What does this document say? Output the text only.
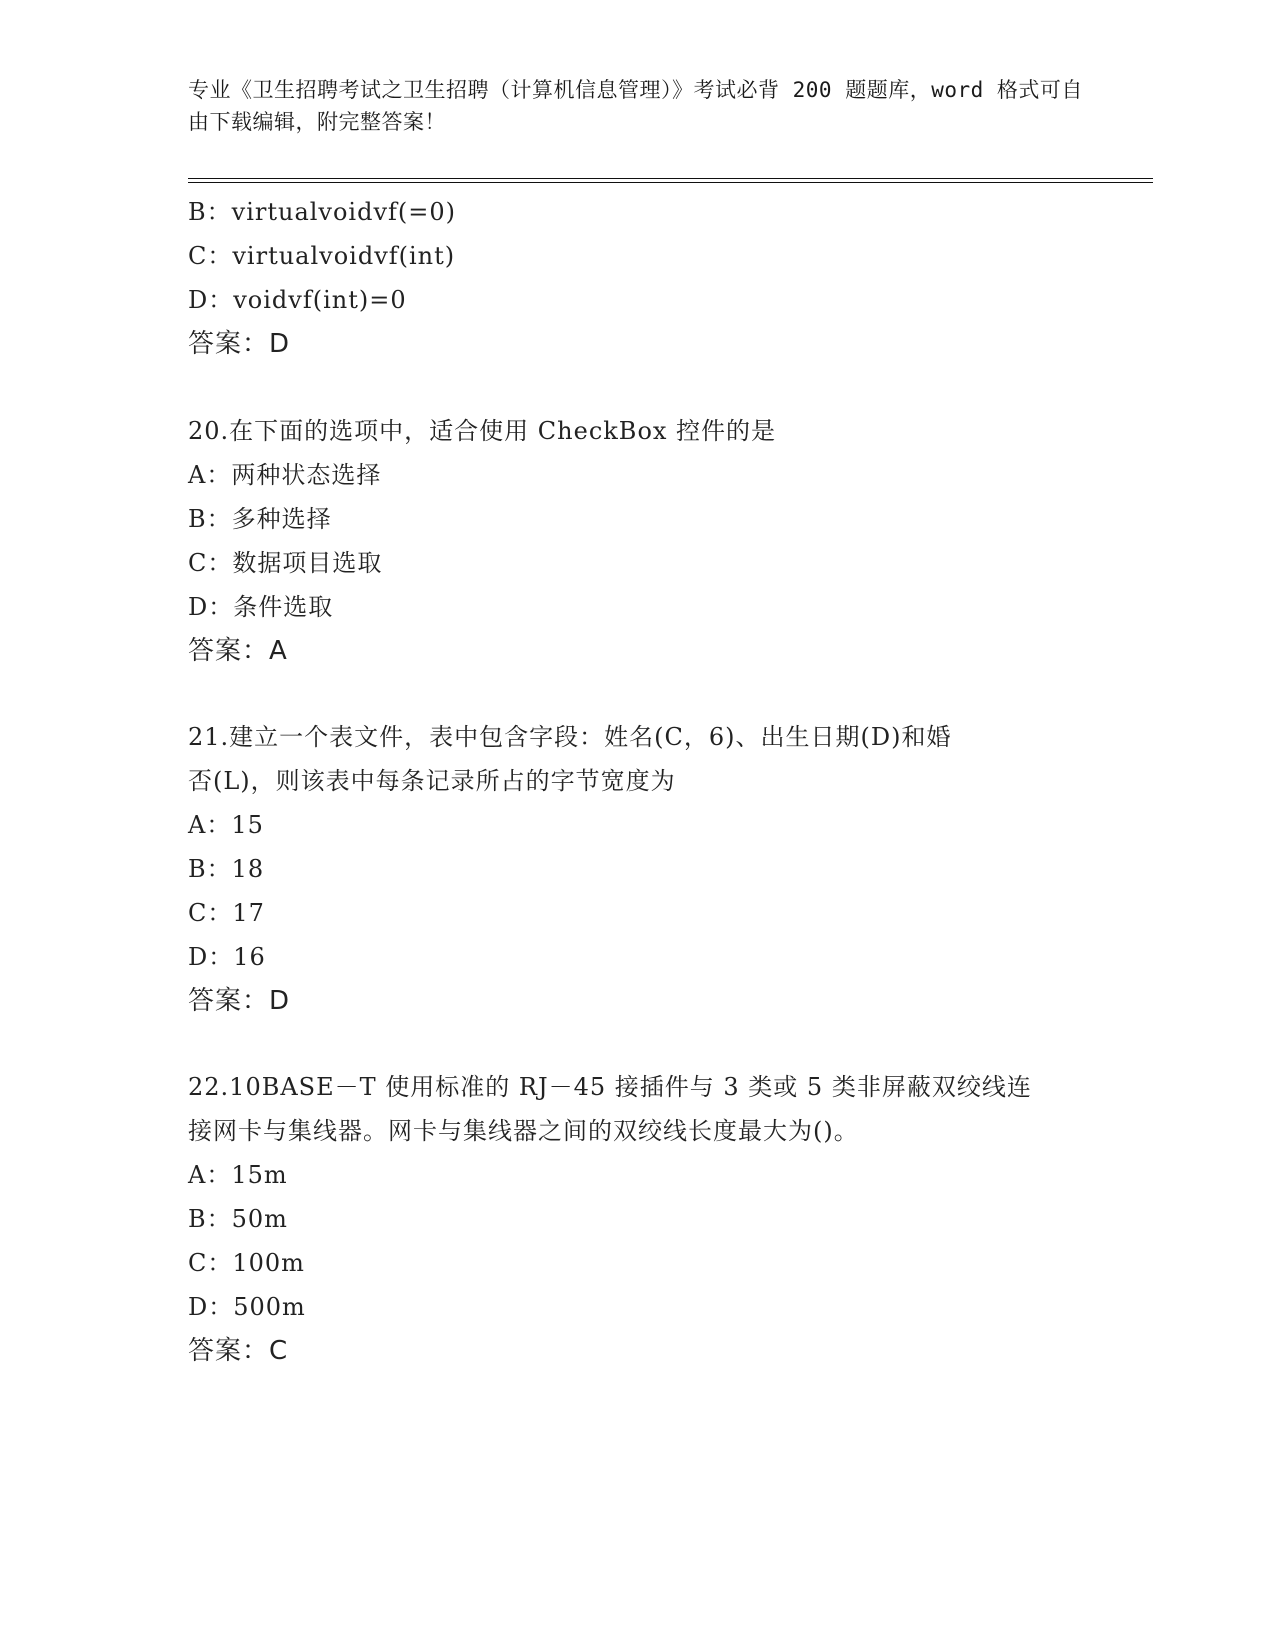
专业《卫生招聘考试之卫生招聘（计算机信息管理）》考试必背 200 题题库，word 格式可自由下载编辑，附完整答案！

B：virtualvoidvf(=0)

C：virtualvoidvf(int)

D：voidvf(int)=0

答案：D

20.在下面的选项中，适合使用 CheckBox 控件的是

A：两种状态选择

B：多种选择

C：数据项目选取

D：条件选取

答案：A

21.建立一个表文件，表中包含字段：姓名(C，6)、出生日期(D)和婚

否(L)，则该表中每条记录所占的字节宽度为

A：15

B：18

C：17

D：16

答案：D

22.10BASE－T 使用标准的 RJ－45 接插件与 3 类或 5 类非屏蔽双绞线连

接网卡与集线器。网卡与集线器之间的双绞线长度最大为()。

A：15m

B：50m

C：100m

D：500m

答案：C
